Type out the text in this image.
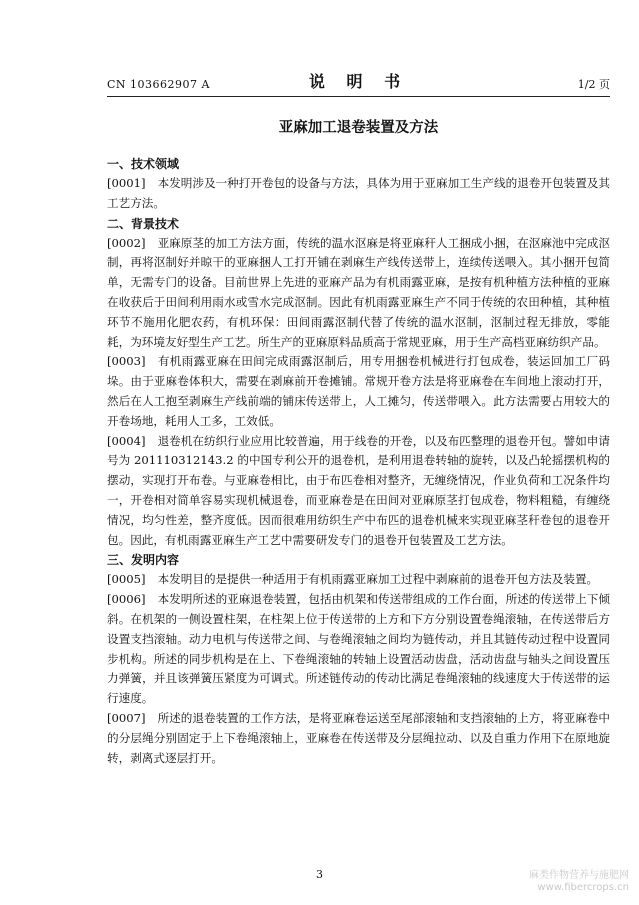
CN 103662907 A	说 明 书	1/2 页
亚麻加工退卷装置及方法
一、技术领域

[0001] 本发明涉及一种打开卷包的设备与方法，具体为用于亚麻加工生产线的退卷开包装置及其工艺方法。

二、背景技术

[0002] 亚麻原茎的加工方法方面，传统的温水沤麻是将亚麻秆人工捆成小捆，在沤麻池中完成沤制，再将沤制好并晾干的亚麻捆人工打开铺在剥麻生产线传送带上，连续传送喂入。其小捆开包简单，无需专门的设备。目前世界上先进的亚麻产品为有机雨露亚麻，是按有机种植方法种植的亚麻在收获后于田间利用雨水或雪水完成沤制。因此有机雨露亚麻生产不同于传统的农田种植，其种植环节不施用化肥农药，有机环保：田间雨露沤制代替了传统的温水沤制，沤制过程无排放，零能耗，为环境友好型生产工艺。所生产的亚麻原料品质高于常规亚麻，用于生产高档亚麻纺织产品。

[0003] 有机雨露亚麻在田间完成雨露沤制后，用专用捆卷机械进行打包成卷，装运回加工厂码垛。由于亚麻卷体积大，需要在剥麻前开卷摊铺。常规开卷方法是将亚麻卷在车间地上滚动打开，然后在人工抱至剥麻生产线前端的铺床传送带上，人工摊匀，传送带喂入。此方法需要占用较大的开卷场地，耗用人工多，工效低。

[0004] 退卷机在纺织行业应用比较普遍，用于线卷的开卷，以及布匹整理的退卷开包。譬如申请号为 201110312143.2 的中国专利公开的退卷机，是利用退卷转轴的旋转，以及凸轮摇摆机构的摆动，实现打开布卷。与亚麻卷相比，由于布匹卷相对整齐，无缠绕情况，作业负荷和工况条件均一，开卷相对简单容易实现机械退卷，而亚麻卷是在田间对亚麻原茎打包成卷，物料粗糙，有缠绕情况，均匀性差，整齐度低。因而很难用纺织生产中布匹的退卷机械来实现亚麻茎秆卷包的退卷开包。因此，有机雨露亚麻生产工艺中需要研发专门的退卷开包装置及工艺方法。

三、发明内容

[0005] 本发明目的是提供一种适用于有机雨露亚麻加工过程中剥麻前的退卷开包方法及装置。

[0006] 本发明所述的亚麻退卷装置，包括由机架和传送带组成的工作台面，所述的传送带上下倾斜。在机架的一侧设置柱架，在柱架上位于传送带的上方和下方分别设置卷绳滚轴，在传送带后方设置支挡滚轴。动力电机与传送带之间、与卷绳滚轴之间均为链传动，并且其链传动过程中设置同步机构。所述的同步机构是在上、下卷绳滚轴的转轴上设置活动齿盘，活动齿盘与轴头之间设置压力弹簧，并且该弹簧压紧度为可调式。所述链传动的传动比满足卷绳滚轴的线速度大于传送带的运行速度。

[0007] 所述的退卷装置的工作方法，是将亚麻卷运送至尾部滚轴和支挡滚轴的上方，将亚麻卷中的分层绳分别固定于上下卷绳滚轴上，亚麻卷在传送带及分层绳拉动、以及自重力作用下在原地旋转，剥离式逐层打开。

3	麻类作物营养与施肥网
www.fibercrops.cn
